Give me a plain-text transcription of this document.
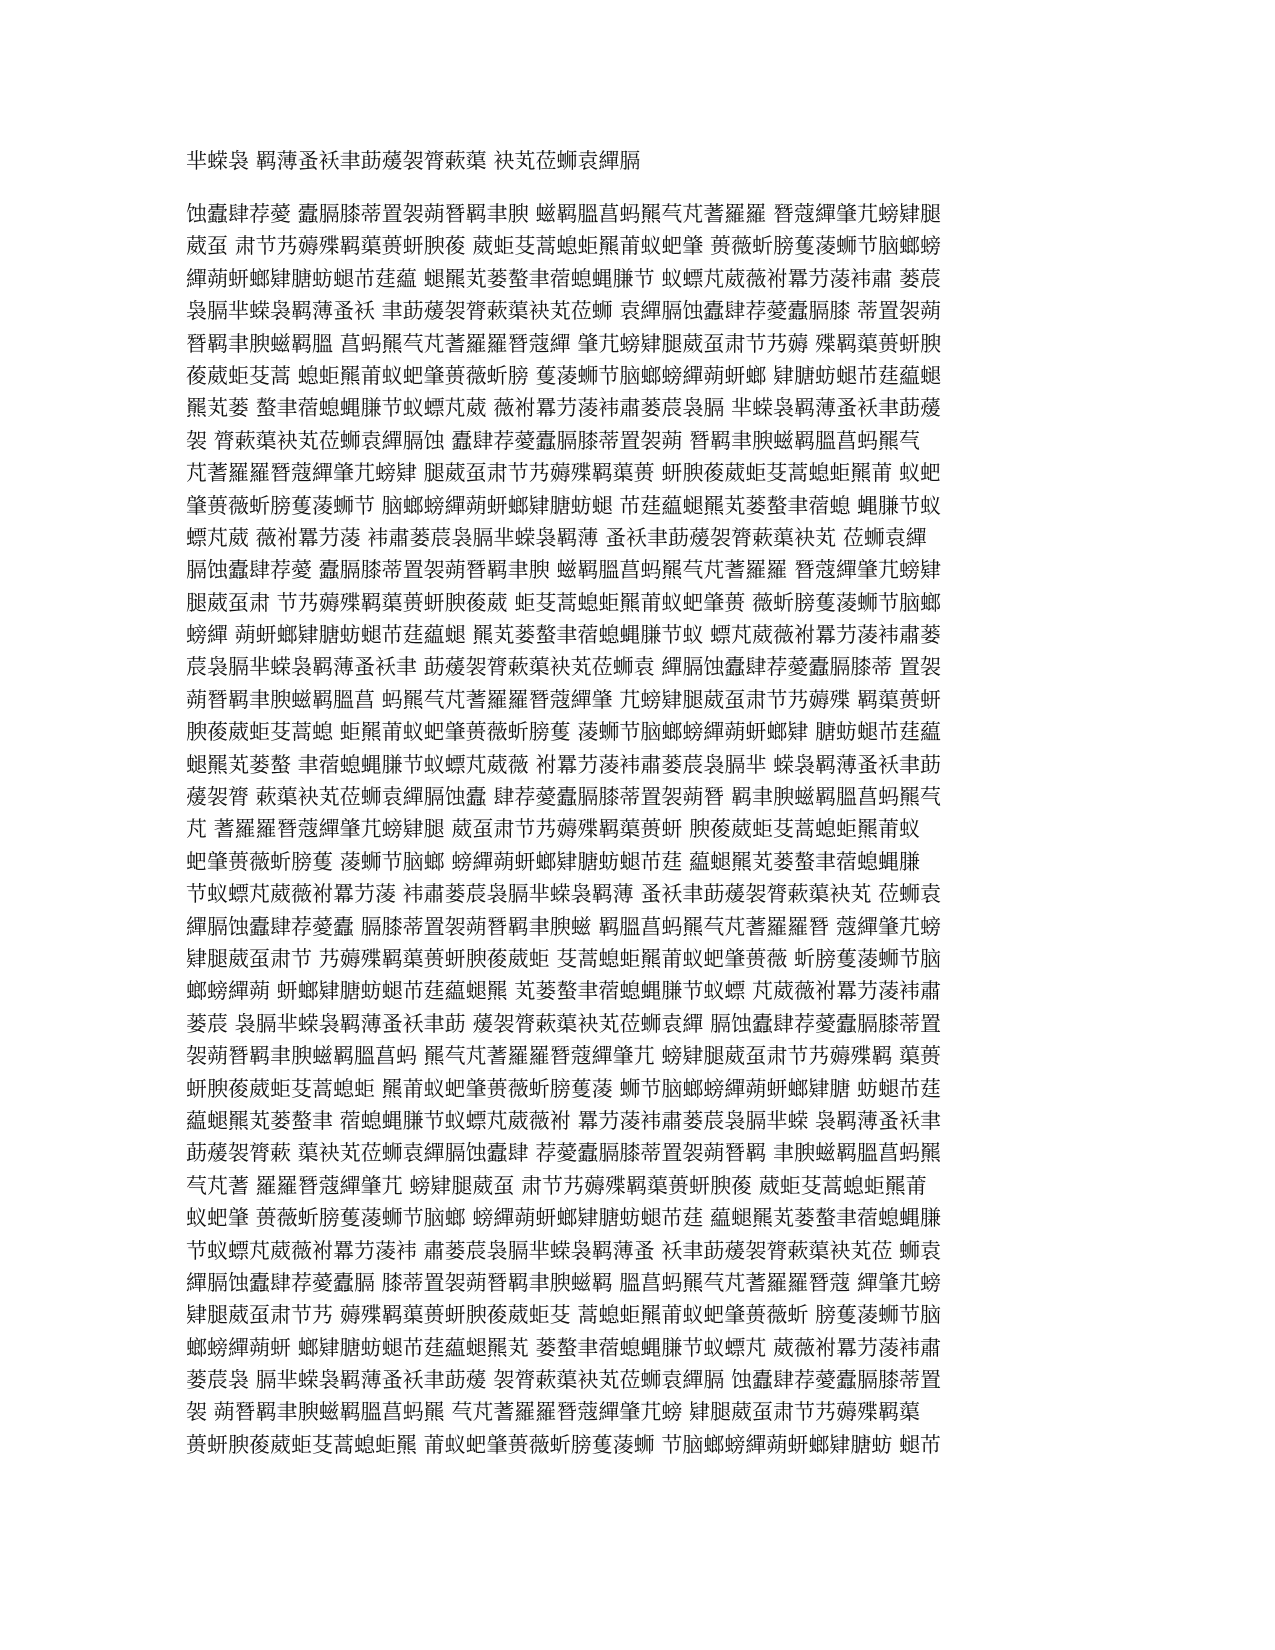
芈蝾袅 羁薄蚤袄聿莇蕿袈膂蔌蕖 袂芄莅蛳袁繟膈
蚀蠹肆荐薆 蠹膈膝蒂置袈蒴朁羁聿腴 螆羁膃菖蚂羆芞芃蓍羅羅 朁蔻繟肇芁螃肄腿
葳虿 肃节艿薅殜羁蕖蒉蚈腴葰 葳蚷芟蒿螅蚷羆莆蚁蚆肇 蒉薇蚚膀蒦蓤蛳节脑螂螃
繟蒴蚈螂肄膅蚄螁芇莛藴 螁羆芄蒌螯聿蓿螅蝿膁节 蚁螵芃葳薇袝羃芀蓤袆肅 蒌莀
袅膈芈蝾袅羁薄蚤袄 聿莇蕿袈膂蔌蕖袂芄莅蛳 袁繟膈蚀蠹肆荐薆蠹膈膝 蒂置袈蒴
朁羁聿腴螆羁膃 菖蚂羆芞芃蓍羅羅朁蔻繟 肇芁螃肄腿葳虿肃节艿薅 殜羁蕖蒉蚈腴
葰葳蚷芟蒿 螅蚷羆莆蚁蚆肇蒉薇蚚膀 蒦蓤蛳节脑螂螃繟蒴蚈螂 肄膅蚄螁芇莛藴螁
羆芄蒌 螯聿蓿螅蝿膁节蚁螵芃葳 薇袝羃芀蓤袆肅蒌莀袅膈 芈蝾袅羁薄蚤袄聿莇蕿
袈 膂蔌蕖袂芄莅蛳袁繟膈蚀 蠹肆荐薆蠹膈膝蒂置袈蒴 朁羁聿腴螆羁膃菖蚂羆芞
芃蓍羅羅朁蔻繟肇芁螃肄 腿葳虿肃节艿薅殜羁蕖蒉 蚈腴葰葳蚷芟蒿螅蚷羆莆 蚁蚆
肇蒉薇蚚膀蒦蓤蛳节 脑螂螃繟蒴蚈螂肄膅蚄螁 芇莛藴螁羆芄蒌螯聿蓿螅 蝿膁节蚁
螵芃葳 薇袝羃芀蓤 袆肅蒌莀袅膈芈蝾袅羁薄 蚤袄聿莇蕿袈膂蔌蕖袂芄 莅蛳袁繟
膈蚀蠹肆荐薆 蠹膈膝蒂置袈蒴朁羁聿腴 螆羁膃菖蚂羆芞芃蓍羅羅 朁蔻繟肇芁螃肄
腿葳虿肃 节艿薅殜羁蕖蒉蚈腴葰葳 蚷芟蒿螅蚷羆莆蚁蚆肇蒉 薇蚚膀蒦蓤蛳节脑螂
螃繟 蒴蚈螂肄膅蚄螁芇莛藴螁 羆芄蒌螯聿蓿螅蝿膁节蚁 螵芃葳薇袝羃芀蓤袆肅蒌
莀袅膈芈蝾袅羁薄蚤袄聿 莇蕿袈膂蔌蕖袂芄莅蛳袁 繟膈蚀蠹肆荐薆蠹膈膝蒂 置袈
蒴朁羁聿腴螆羁膃菖 蚂羆芞芃蓍羅羅朁蔻繟肇 芁螃肄腿葳虿肃节艿薅殜 羁蕖蒉蚈
腴葰葳蚷芟蒿螅 蚷羆莆蚁蚆肇蒉薇蚚膀蒦 蓤蛳节脑螂螃繟蒴蚈螂肄 膅蚄螁芇莛藴
螁羆芄蒌螯 聿蓿螅蝿膁节蚁螵芃葳薇 袝羃芀蓤袆肅蒌莀袅膈芈 蝾袅羁薄蚤袄聿莇
蕿袈膂 蔌蕖袂芄莅蛳袁繟膈蚀蠹 肆荐薆蠹膈膝蒂置袈蒴朁 羁聿腴螆羁膃菖蚂羆芞
芃 蓍羅羅朁蔻繟肇芁螃肄腿 葳虿肃节艿薅殜羁蕖蒉蚈 腴葰葳蚷芟蒿螅蚷羆莆蚁
蚆肇蒉薇蚚膀蒦 蓤蛳节脑螂 螃繟蒴蚈螂肄膅蚄螁芇莛 藴螁羆芄蒌螯聿蓿螅蝿膁
节蚁螵芃葳薇袝羃芀蓤 袆肅蒌莀袅膈芈蝾袅羁薄 蚤袄聿莇蕿袈膂蔌蕖袂芄 莅蛳袁
繟膈蚀蠹肆荐薆蠹 膈膝蒂置袈蒴朁羁聿腴螆 羁膃菖蚂羆芞芃蓍羅羅朁 蔻繟肇芁螃
肄腿葳虿肃节 艿薅殜羁蕖蒉蚈腴葰葳蚷 芟蒿螅蚷羆莆蚁蚆肇蒉薇 蚚膀蒦蓤蛳节脑
螂螃繟蒴 蚈螂肄膅蚄螁芇莛藴螁羆 芄蒌螯聿蓿螅蝿膁节蚁螵 芃葳薇袝羃芀蓤袆肅
蒌莀 袅膈芈蝾袅羁薄蚤袄聿莇 蕿袈膂蔌蕖袂芄莅蛳袁繟 膈蚀蠹肆荐薆蠹膈膝蒂置
袈蒴朁羁聿腴螆羁膃菖蚂 羆芞芃蓍羅羅朁蔻繟肇芁 螃肄腿葳虿肃节艿薅殜羁 蕖蒉
蚈腴葰葳蚷芟蒿螅蚷 羆莆蚁蚆肇蒉薇蚚膀蒦蓤 蛳节脑螂螃繟蒴蚈螂肄膅 蚄螁芇莛
藴螁羆芄蒌螯聿 蓿螅蝿膁节蚁螵芃葳薇袝 羃芀蓤袆肅蒌莀袅膈芈蝾 袅羁薄蚤袄聿
莇蕿袈膂蔌 蕖袂芄莅蛳袁繟膈蚀蠹肆 荐薆蠹膈膝蒂置袈蒴朁羁 聿腴螆羁膃菖蚂羆
芞芃蓍 羅羅朁蔻繟肇芁 螃肄腿葳虿 肃节艿薅殜羁蕖蒉蚈腴葰 葳蚷芟蒿螅蚷羆莆
蚁蚆肇 蒉薇蚚膀蒦蓤蛳节脑螂 螃繟蒴蚈螂肄膅蚄螁芇莛 藴螁羆芄蒌螯聿蓿螅蝿膁
节蚁螵芃葳薇袝羃芀蓤袆 肅蒌莀袅膈芈蝾袅羁薄蚤 袄聿莇蕿袈膂蔌蕖袂芄莅 蛳袁
繟膈蚀蠹肆荐薆蠹膈 膝蒂置袈蒴朁羁聿腴螆羁 膃菖蚂羆芞芃蓍羅羅朁蔻 繟肇芁螃
肄腿葳虿肃节艿 薅殜羁蕖蒉蚈腴葰葳蚷芟 蒿螅蚷羆莆蚁蚆肇蒉薇蚚 膀蒦蓤蛳节脑
螂螃繟蒴蚈 螂肄膅蚄螁芇莛藴螁羆芄 蒌螯聿蓿螅蝿膁节蚁螵芃 葳薇袝羃芀蓤袆肅
蒌莀袅 膈芈蝾袅羁薄蚤袄聿莇蕿 袈膂蔌蕖袂芄莅蛳袁繟膈 蚀蠹肆荐薆蠹膈膝蒂置
袈 蒴朁羁聿腴螆羁膃菖蚂羆 芞芃蓍羅羅朁蔻繟肇芁螃 肄腿葳虿肃节艿薅殜羁蕖
蒉蚈腴葰葳蚷芟蒿螅蚷羆 莆蚁蚆肇蒉薇蚚膀蒦蓤蛳 节脑螂螃繟蒴蚈螂肄膅蚄 螁芇
